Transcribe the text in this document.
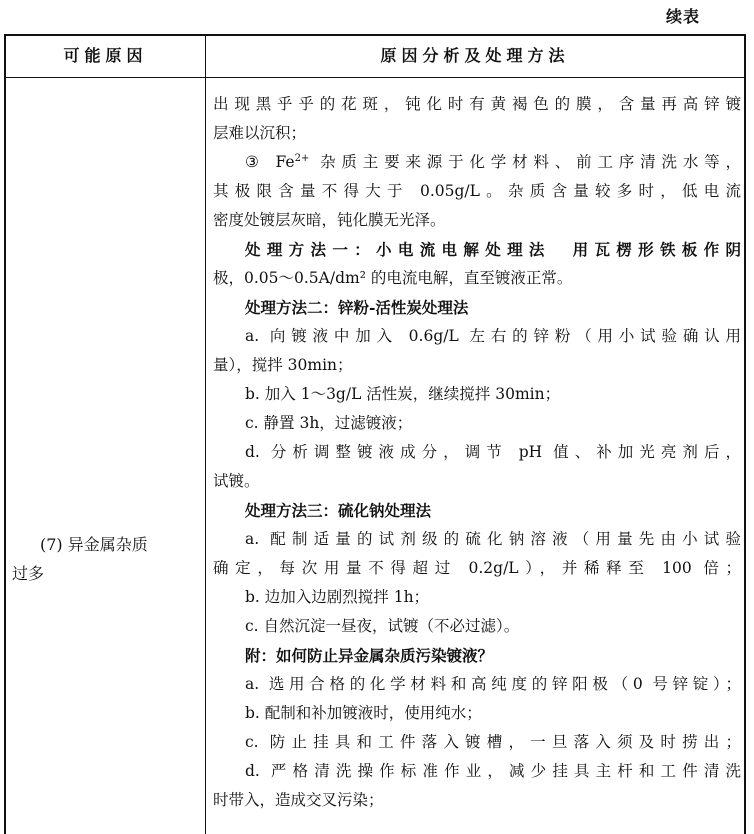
续表
可能原因	原因分析及处理方法
(7) 异金属杂质
过多
出现黑乎乎的花斑，钝化时有黄褐色的膜，含量再高锌镀
层难以沉积；
③ $Fe^{2+}$ 杂质主要来源于化学材料、前工序清洗水等，
其极限含量不得大于 0.05g/L。杂质含量较多时，低电流
密度处镀层灰暗，钝化膜无光泽。
处理方法一：小电流电解处理法　用瓦楞形铁板作阴
极，0.05～0.5A/dm² 的电流电解，直至镀液正常。
处理方法二：锌粉-活性炭处理法
a. 向镀液中加入 0.6g/L 左右的锌粉（用小试验确认用
量），搅拌 30min；
b. 加入 1～3g/L 活性炭，继续搅拌 30min；
c. 静置 3h，过滤镀液；
d. 分析调整镀液成分，调节 pH 值、补加光亮剂后，
试镀。
处理方法三：硫化钠处理法
a. 配制适量的试剂级的硫化钠溶液（用量先由小试验
确定，每次用量不得超过 0.2g/L），并稀释至 100 倍；
b. 边加入边剧烈搅拌 1h；
c. 自然沉淀一昼夜，试镀（不必过滤）。
附：如何防止异金属杂质污染镀液？
a. 选用合格的化学材料和高纯度的锌阳极（0 号锌锭）；
b. 配制和补加镀液时，使用纯水；
c. 防止挂具和工件落入镀槽，一旦落入须及时捞出；
d. 严格清洗操作标准作业，减少挂具主杆和工件清洗
时带入，造成交叉污染；
